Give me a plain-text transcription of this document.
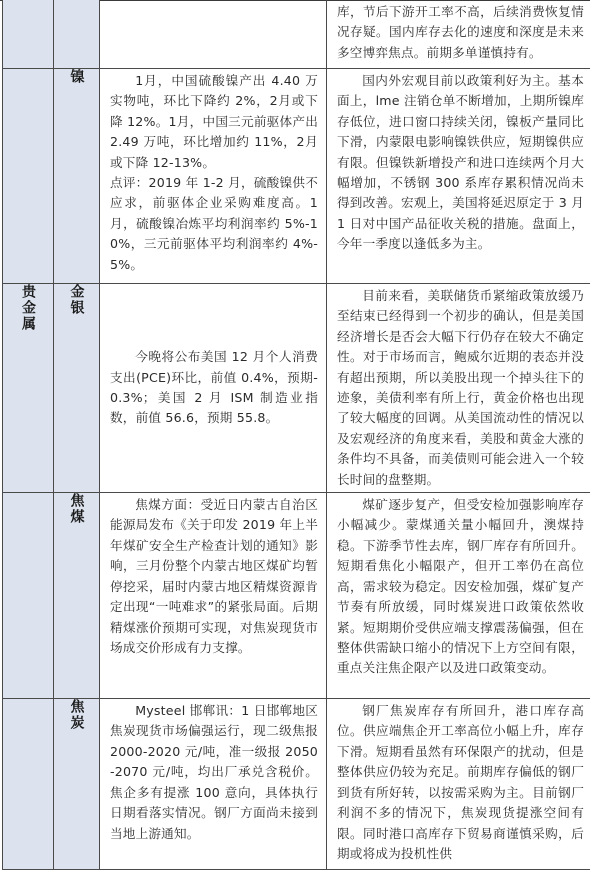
			库，节后下游开工率不高，后续消费恢复情况存疑。国内库存去化的速度和深度是未来多空博弈焦点。前期多单谨慎持有。

	镍	1月，中国硫酸镍产出 4.40 万实物吨，环比下降约 2%，2月或下降 12%。1月，中国三元前驱体产出 2.49 万吨，环比增加约 11%，2月或下降 12-13%。
点评：2019 年 1-2 月，硫酸镍供不应求，前驱体企业采购难度高。1月，硫酸镍冶炼平均利润率约 5%-10%，三元前驱体平均利润率约 4%-5%。	国内外宏观目前以政策利好为主。基本面上，lme 注销仓单不断增加，上期所镍库存低位，进口窗口持续关闭，镍板产量同比下滑，内蒙限电影响镍铁供应，短期镍供应有限。但镍铁新增投产和进口连续两个月大幅增加，不锈钢 300 系库存累积情况尚未得到改善。宏观上，美国将延迟原定于 3 月 1 日对中国产品征收关税的措施。盘面上，今年一季度以逢低多为主。

贵金属	金银	今晚将公布美国 12 月个人消费支出(PCE)环比，前值 0.4%，预期-0.3%；美国 2 月 ISM 制造业指数，前值 56.6，预期 55.8。	目前来看，美联储货币紧缩政策放缓乃至结束已经得到一个初步的确认，但是美国经济增长是否会大幅下行仍存在较大不确定性。对于市场而言，鲍威尔近期的表态并没有超出预期，所以美股出现一个掉头往下的迹象，美债利率有所上行，黄金价格也出现了较大幅度的回调。从美国流动性的情况以及宏观经济的角度来看，美股和黄金大涨的条件均不具备，而美债则可能会进入一个较长时间的盘整期。

	焦煤	焦煤方面：受近日内蒙古自治区能源局发布《关于印发 2019 年上半年煤矿安全生产检查计划的通知》影响，三月份整个内蒙古地区煤矿均暂停挖采，届时内蒙古地区精煤资源肯定出现“一吨难求”的紧张局面。后期精煤涨价预期可实现，对焦炭现货市场成交价形成有力支撑。	煤矿逐步复产，但受安检加强影响库存小幅减少。蒙煤通关量小幅回升，澳煤持稳。下游季节性去库，钢厂库存有所回升。短期看焦化小幅限产，但开工率仍在高位高，需求较为稳定。因安检加强，煤矿复产节奏有所放缓，同时煤炭进口政策依然收紧。短期期价受供应端支撑震荡偏强，但在整体供需缺口缩小的情况下上方空间有限，重点关注焦企限产以及进口政策变动。

	焦炭	Mysteel 邯郸讯：1 日邯郸地区焦炭现货市场偏强运行，现二级焦报 2000-2020 元/吨，准一级报 2050-2070 元/吨，均出厂承兑含税价。焦企多有提涨 100 意向，具体执行日期看落实情况。钢厂方面尚未接到当地上游通知。	钢厂焦炭库存有所回升，港口库存高位。供应端焦企开工率高位小幅上升，库存下滑。短期看虽然有环保限产的扰动，但是整体供应仍较为充足。前期库存偏低的钢厂到货有所好转，以按需采购为主。目前钢厂利润不多的情况下，焦炭现货提涨空间有限。同时港口高库存下贸易商谨慎采购，后期或将成为投机性供
